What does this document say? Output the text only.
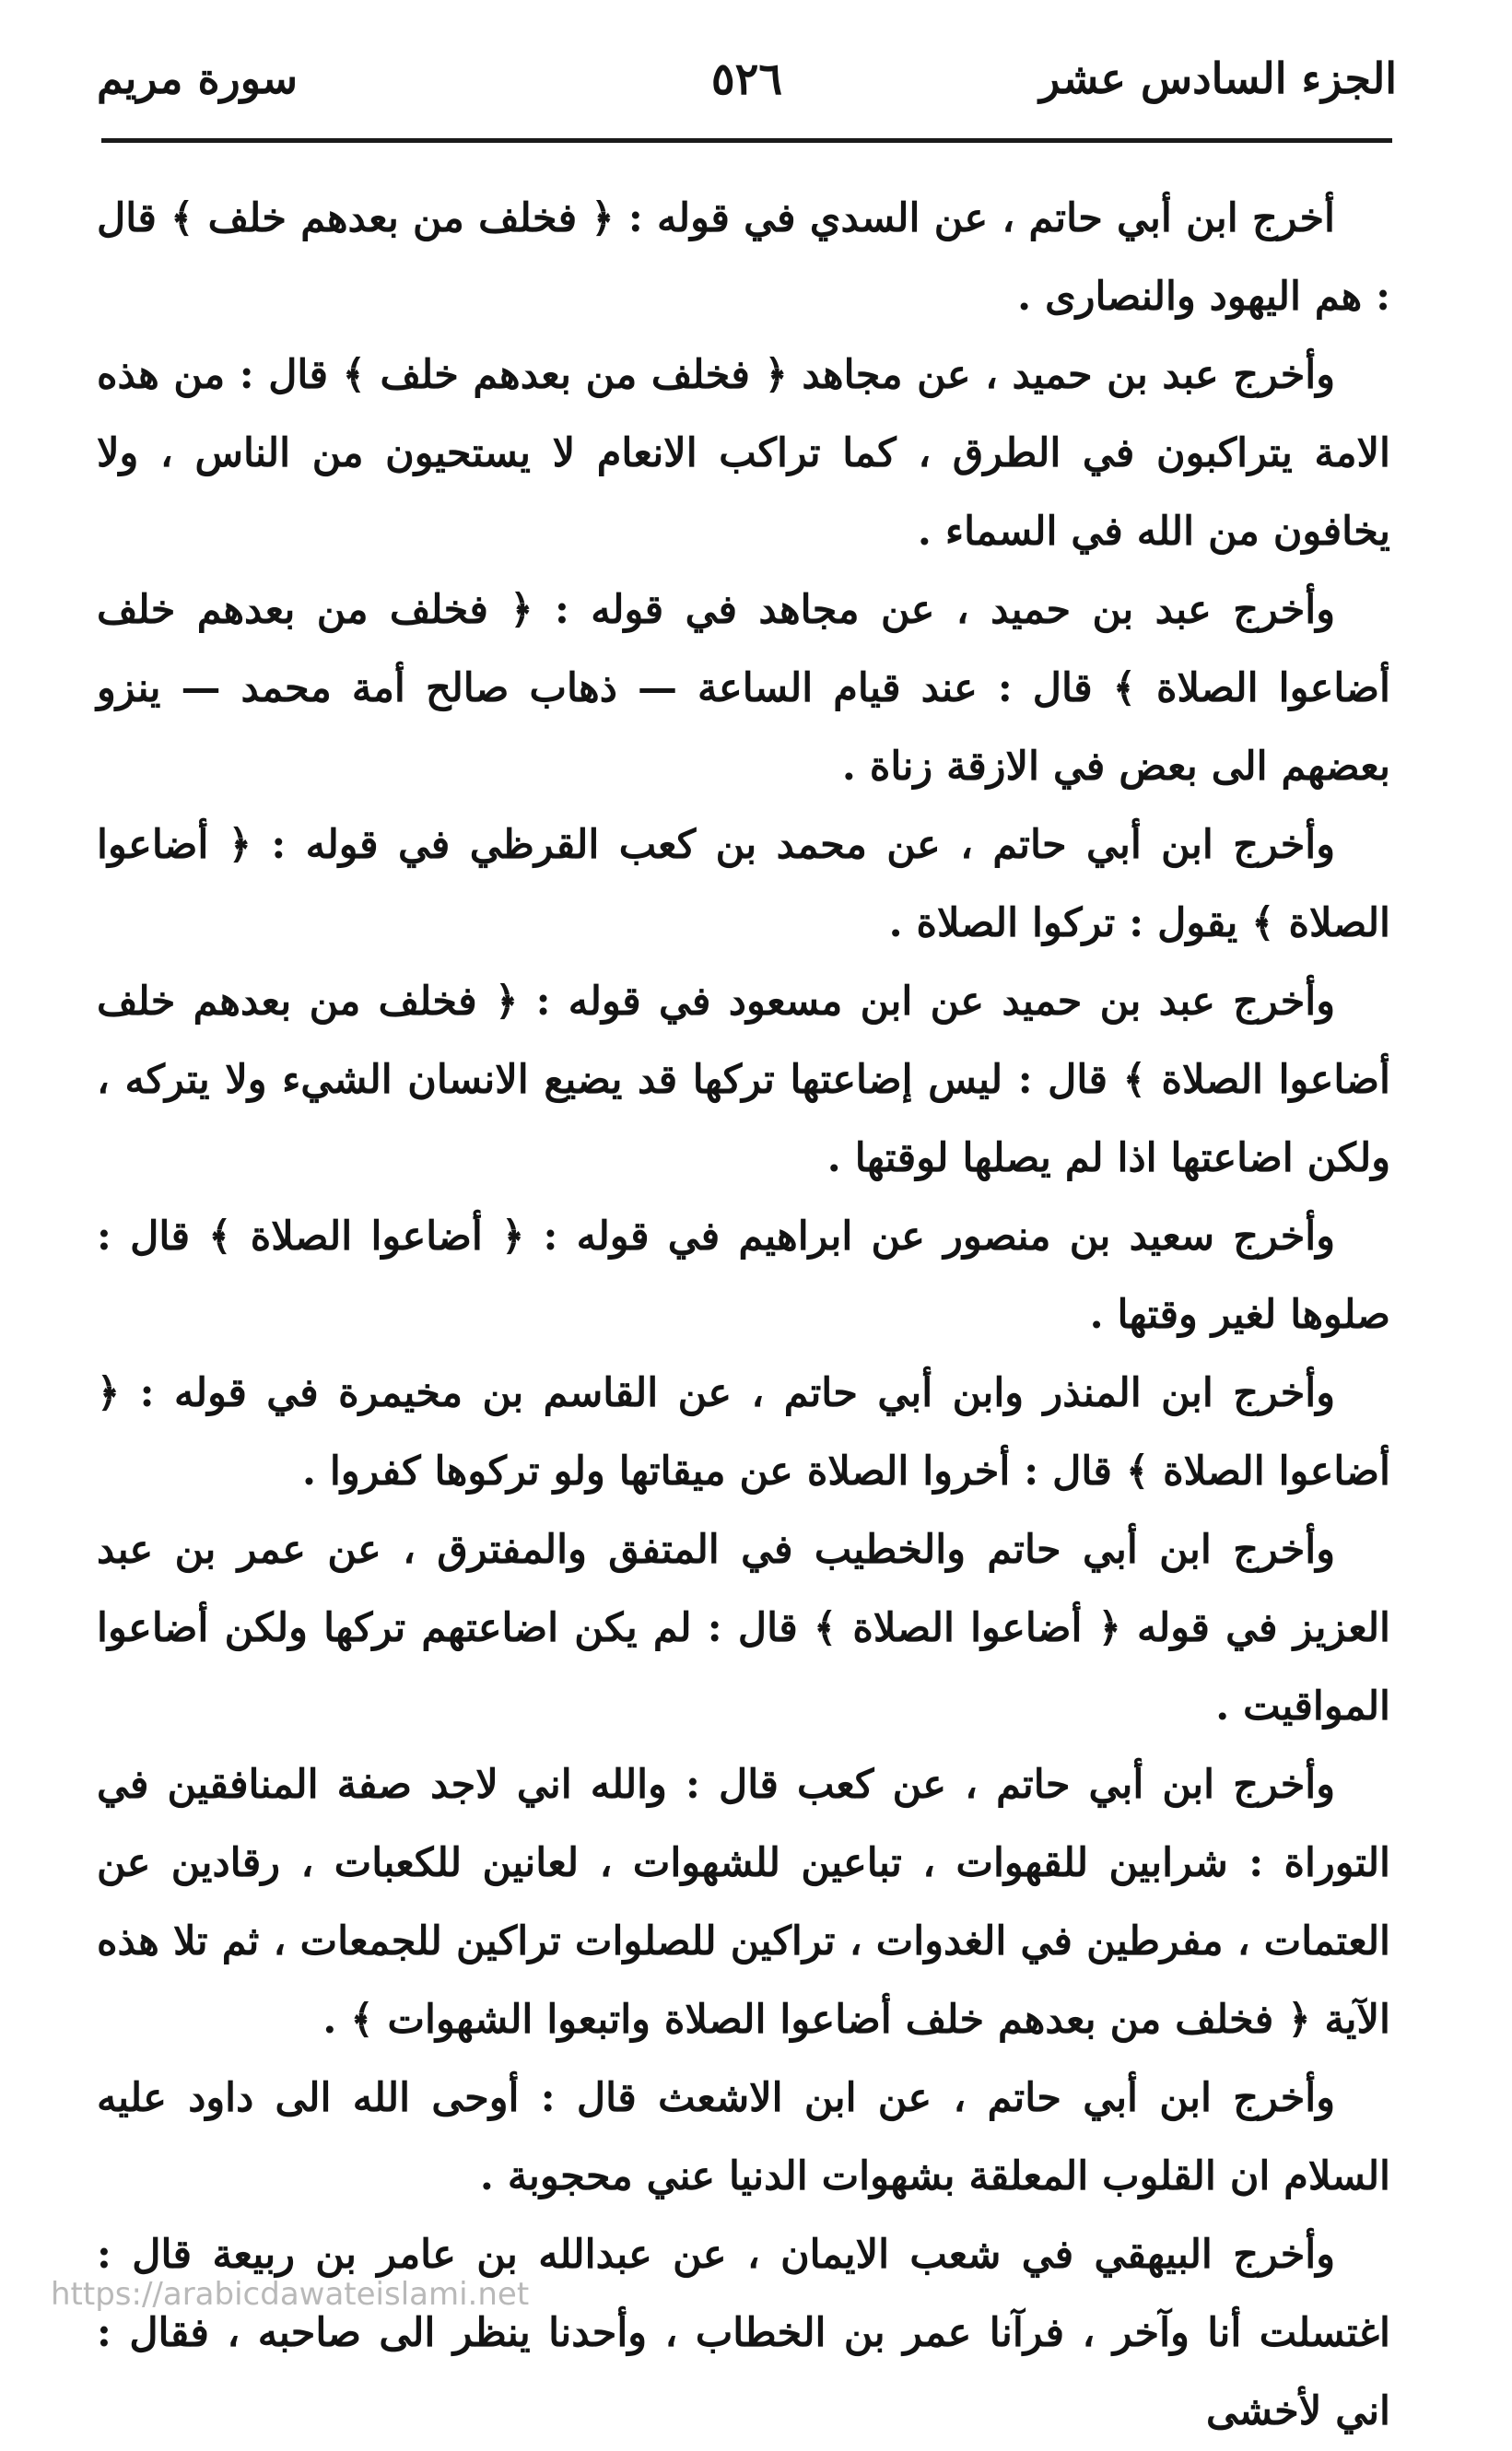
الجزء السادس عشر
٥٢٦
سورة مريم

أخرج ابن أبي حاتم ، عن السدي في قوله : ﴿ فخلف من بعدهم خلف ﴾ قال : هم اليهود والنصارى .

وأخرج عبد بن حميد ، عن مجاهد ﴿ فخلف من بعدهم خلف ﴾ قال : من هذه الامة يتراكبون في الطرق ، كما تراكب الانعام لا يستحيون من الناس ، ولا يخافون من الله في السماء .

وأخرج عبد بن حميد ، عن مجاهد في قوله : ﴿ فخلف من بعدهم خلف أضاعوا الصلاة ﴾ قال : عند قيام الساعة — ذهاب صالح أمة محمد — ينزو بعضهم الى بعض في الازقة زناة .

وأخرج ابن أبي حاتم ، عن محمد بن كعب القرظي في قوله : ﴿ أضاعوا الصلاة ﴾ يقول : تركوا الصلاة .

وأخرج عبد بن حميد عن ابن مسعود في قوله : ﴿ فخلف من بعدهم خلف أضاعوا الصلاة ﴾ قال : ليس إضاعتها تركها قد يضيع الانسان الشيء ولا يتركه ، ولكن اضاعتها اذا لم يصلها لوقتها .

وأخرج سعيد بن منصور عن ابراهيم في قوله : ﴿ أضاعوا الصلاة ﴾ قال : صلوها لغير وقتها .

وأخرج ابن المنذر وابن أبي حاتم ، عن القاسم بن مخيمرة في قوله : ﴿ أضاعوا الصلاة ﴾ قال : أخروا الصلاة عن ميقاتها ولو تركوها كفروا .

وأخرج ابن أبي حاتم والخطيب في المتفق والمفترق ، عن عمر بن عبد العزيز في قوله ﴿ أضاعوا الصلاة ﴾ قال : لم يكن اضاعتهم تركها ولكن أضاعوا المواقيت .

وأخرج ابن أبي حاتم ، عن كعب قال : والله اني لاجد صفة المنافقين في التوراة : شرابين للقهوات ، تباعين للشهوات ، لعانين للكعبات ، رقادين عن العتمات ، مفرطين في الغدوات ، تراكين للصلوات تراكين للجمعات ، ثم تلا هذه الآية ﴿ فخلف من بعدهم خلف أضاعوا الصلاة واتبعوا الشهوات ﴾ .

وأخرج ابن أبي حاتم ، عن ابن الاشعث قال : أوحى الله الى داود عليه السلام ان القلوب المعلقة بشهوات الدنيا عني محجوبة .

وأخرج البيهقي في شعب الايمان ، عن عبدالله بن عامر بن ربيعة قال : اغتسلت أنا وآخر ، فرآنا عمر بن الخطاب ، وأحدنا ينظر الى صاحبه ، فقال : اني لأخشى

https://arabicdawateislami.net
